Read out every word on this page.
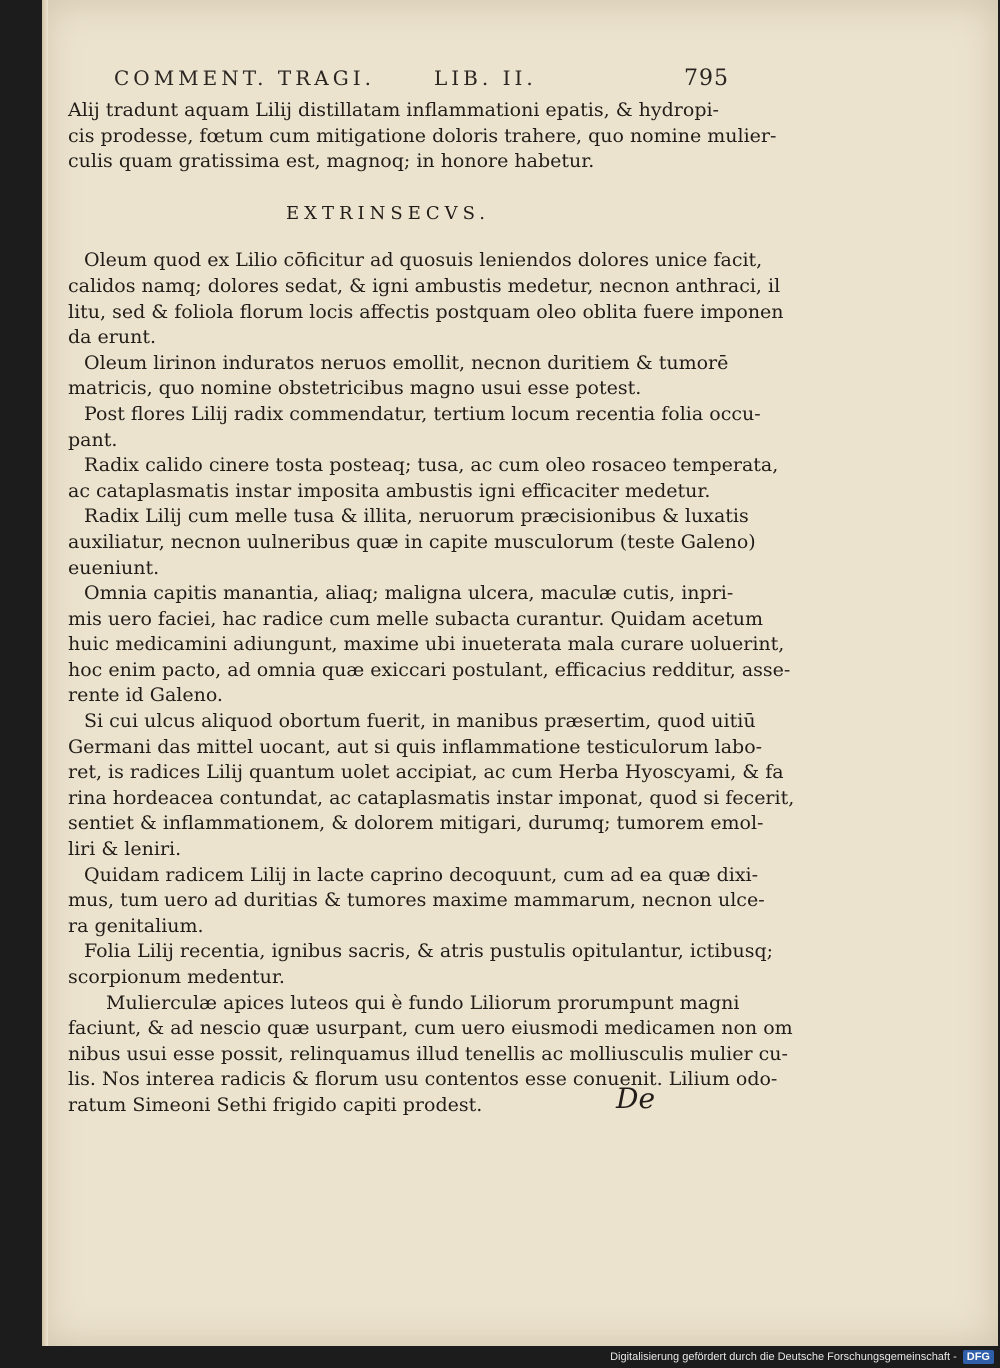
COMMENT. TRAGI.	LIB. II.	795
Alij tradunt aquam Lilij distillatam inflammationi epatis, & hydropi-
cis prodesse, fœtum cum mitigatione doloris trahere, quo nomine mulier-
culis quam gratissima est, magnoq; in honore habetur.
EXTRINSECVS.
Oleum quod ex Lilio cōficitur ad quosuis leniendos dolores unice facit,
calidos namq; dolores sedat, & igni ambustis medetur, necnon anthraci, il
litu, sed & foliola florum locis affectis postquam oleo oblita fuere imponen
da erunt.
Oleum lirinon induratos neruos emollit, necnon duritiem & tumorē
matricis, quo nomine obstetricibus magno usui esse potest.
Post flores Lilij radix commendatur, tertium locum recentia folia occu-
pant.
Radix calido cinere tosta posteaq; tusa, ac cum oleo rosaceo temperata,
ac cataplasmatis instar imposita ambustis igni efficaciter medetur.
Radix Lilij cum melle tusa & illita, neruorum præcisionibus & luxatis
auxiliatur, necnon uulneribus quæ in capite musculorum (teste Galeno)
eueniunt.
Omnia capitis manantia, aliaq; maligna ulcera, maculæ cutis, inpri-
mis uero faciei, hac radice cum melle subacta curantur. Quidam acetum
huic medicamini adiungunt, maxime ubi inueterata mala curare uoluerint,
hoc enim pacto, ad omnia quæ exiccari postulant, efficacius redditur, asse-
rente id Galeno.
Si cui ulcus aliquod obortum fuerit, in manibus præsertim, quod uitiū
Germani das mittel uocant, aut si quis inflammatione testiculorum labo-
ret, is radices Lilij quantum uolet accipiat, ac cum Herba Hyoscyami, & fa
rina hordeacea contundat, ac cataplasmatis instar imponat, quod si fecerit,
sentiet & inflammationem, & dolorem mitigari, durumq; tumorem emol-
liri & leniri.
Quidam radicem Lilij in lacte caprino decoquunt, cum ad ea quæ dixi-
mus, tum uero ad duritias & tumores maxime mammarum, necnon ulce-
ra genitalium.
Folia Lilij recentia, ignibus sacris, & atris pustulis opitulantur, ictibusq;
scorpionum medentur.
Mulierculæ apices luteos qui è fundo Liliorum prorumpunt magni
faciunt, & ad nescio quæ usurpant, cum uero eiusmodi medicamen non om
nibus usui esse possit, relinquamus illud tenellis ac molliusculis mulier cu-
lis. Nos interea radicis & florum usu contentos esse conuenit. Lilium odo-
ratum Simeoni Sethi frigido capiti prodest.	De
Digitalisierung gefördert durch die Deutsche Forschungsgemeinschaft - DFG
